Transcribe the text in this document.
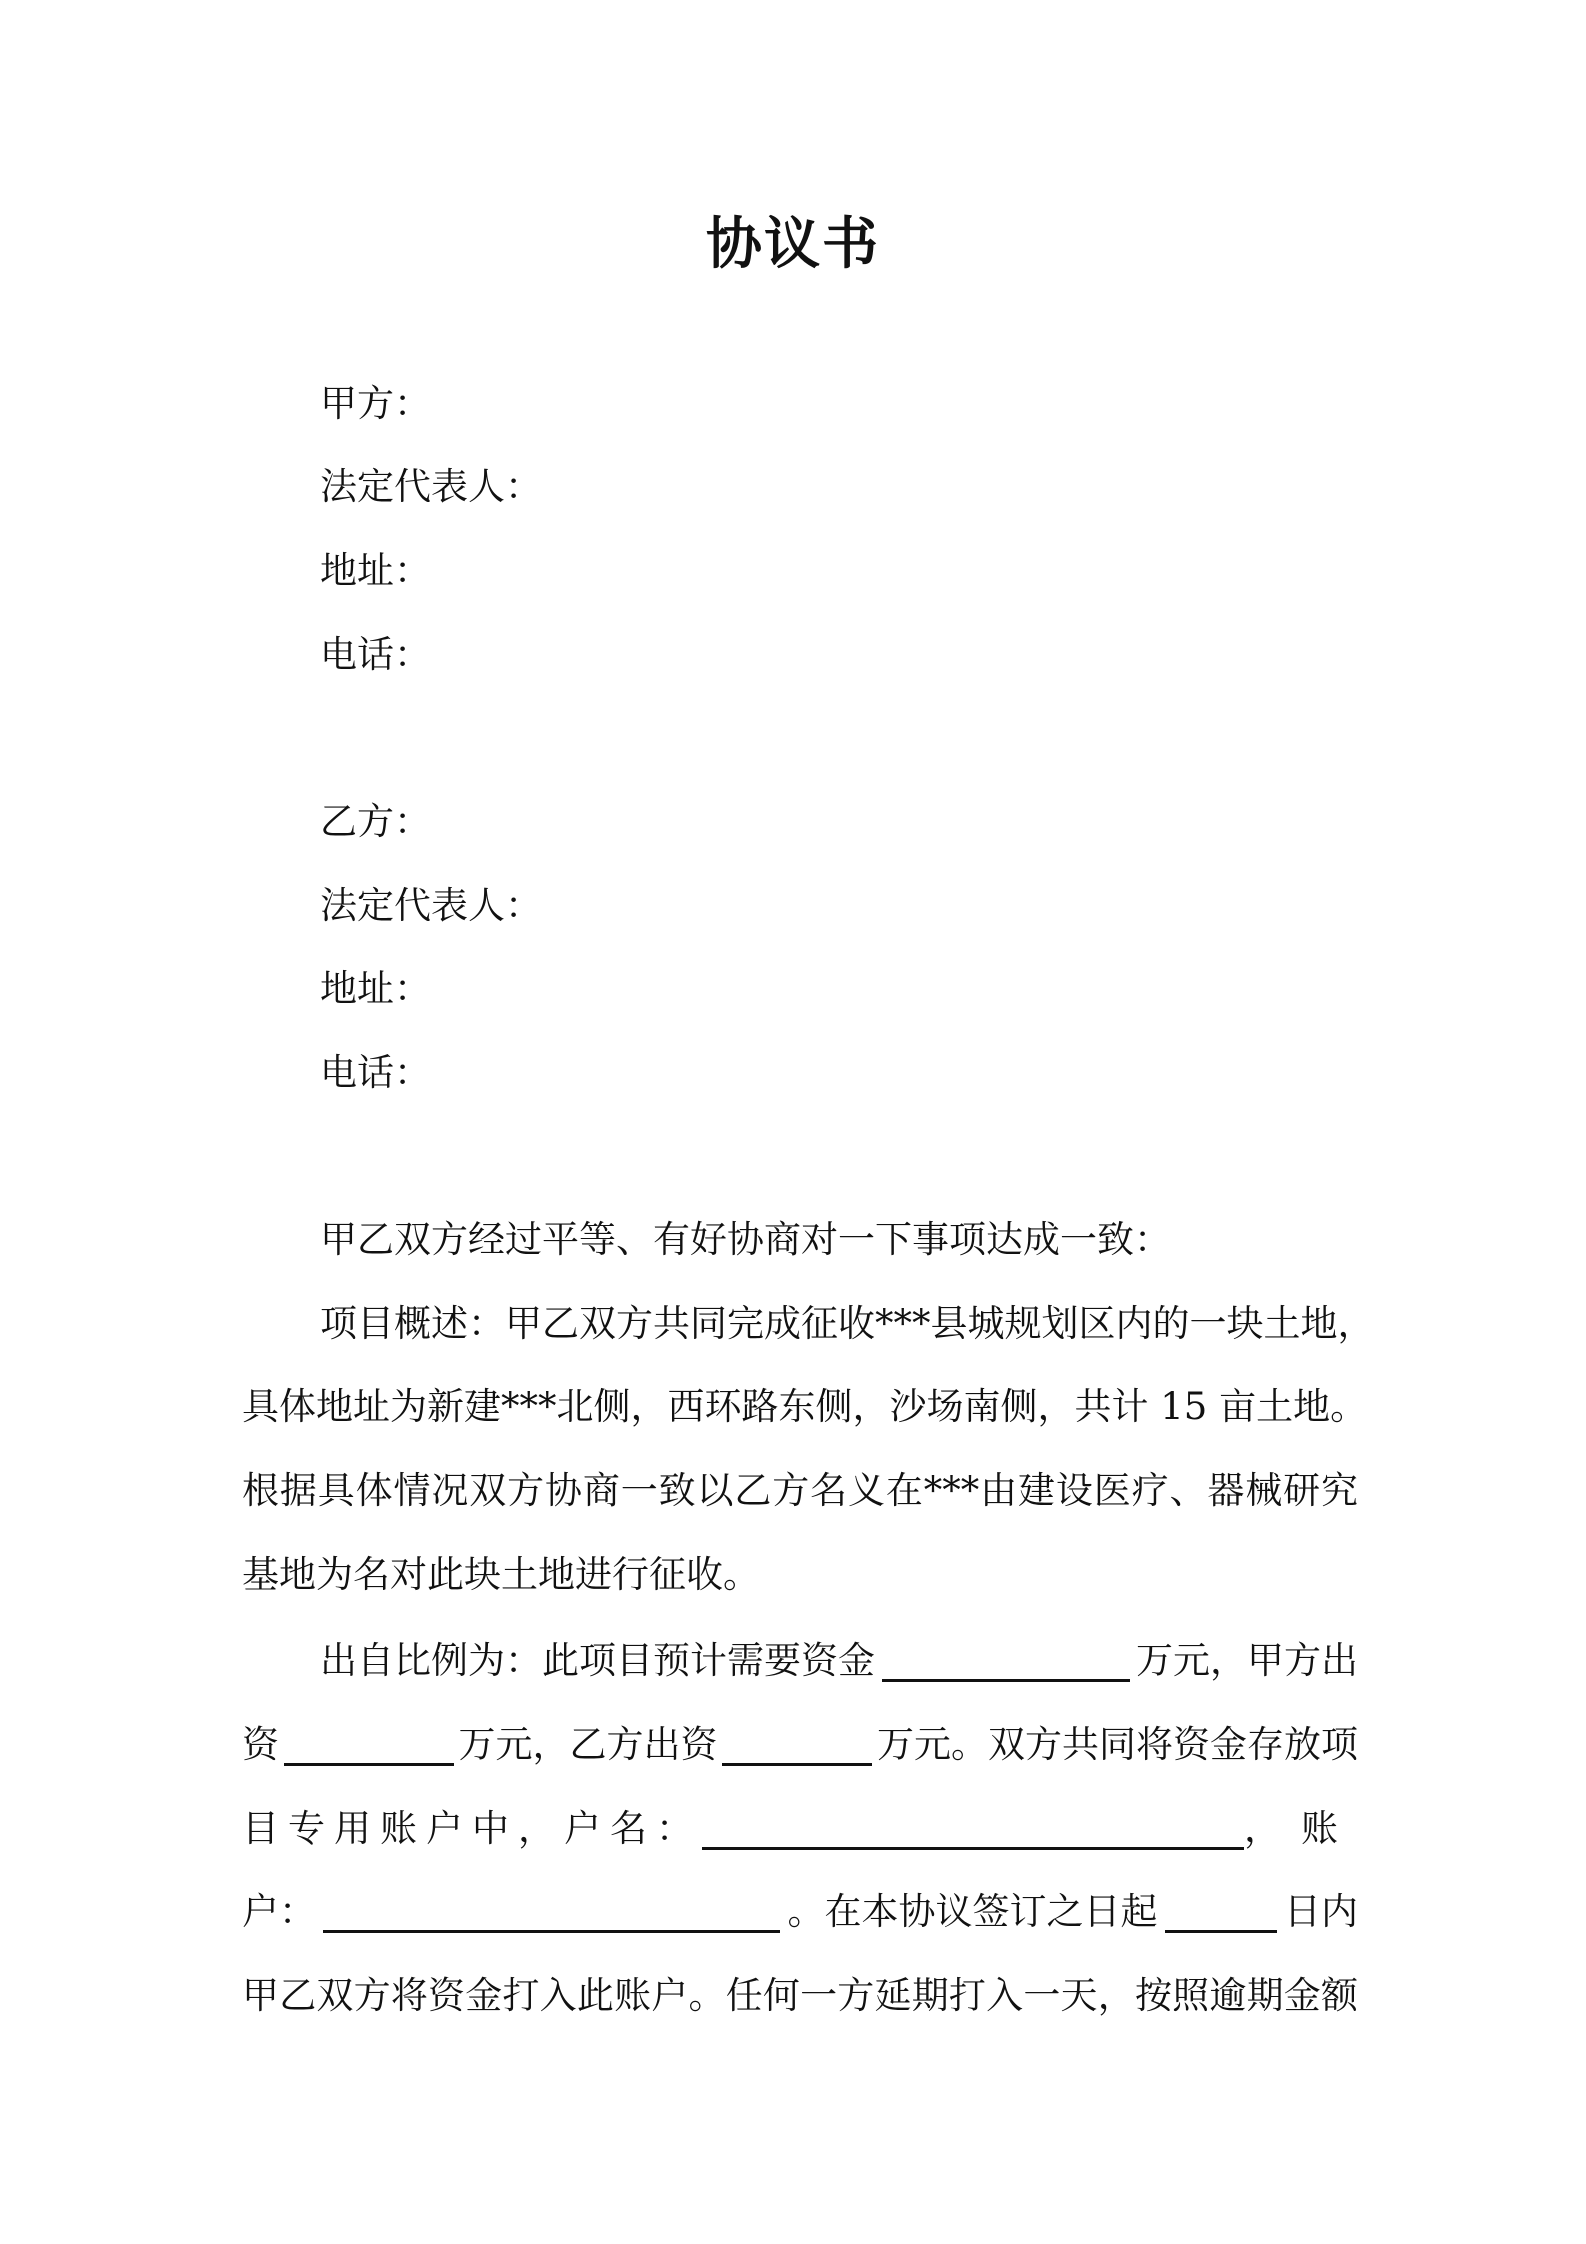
协议书
甲方：
法定代表人：
地址：
电话：
乙方：
法定代表人：
地址：
电话：
甲乙双方经过平等、有好协商对一下事项达成一致：
项目概述：甲乙双方共同完成征收***县城规划区内的一块土地，
具体地址为新建***北侧，西环路东侧，沙场南侧，共计 15 亩土地。
根据具体情况双方协商一致以乙方名义在***由建设医疗、器械研究
基地为名对此块土地进行征收。
出自比例为：此项目预计需要资金	万元，甲方出
资	万元，乙方出资	万元。双方共同将资金存放项
目专用账户中，户名：	，账
户：	。在本协议签订之日起	日内
甲乙双方将资金打入此账户。任何一方延期打入一天，按照逾期金额
